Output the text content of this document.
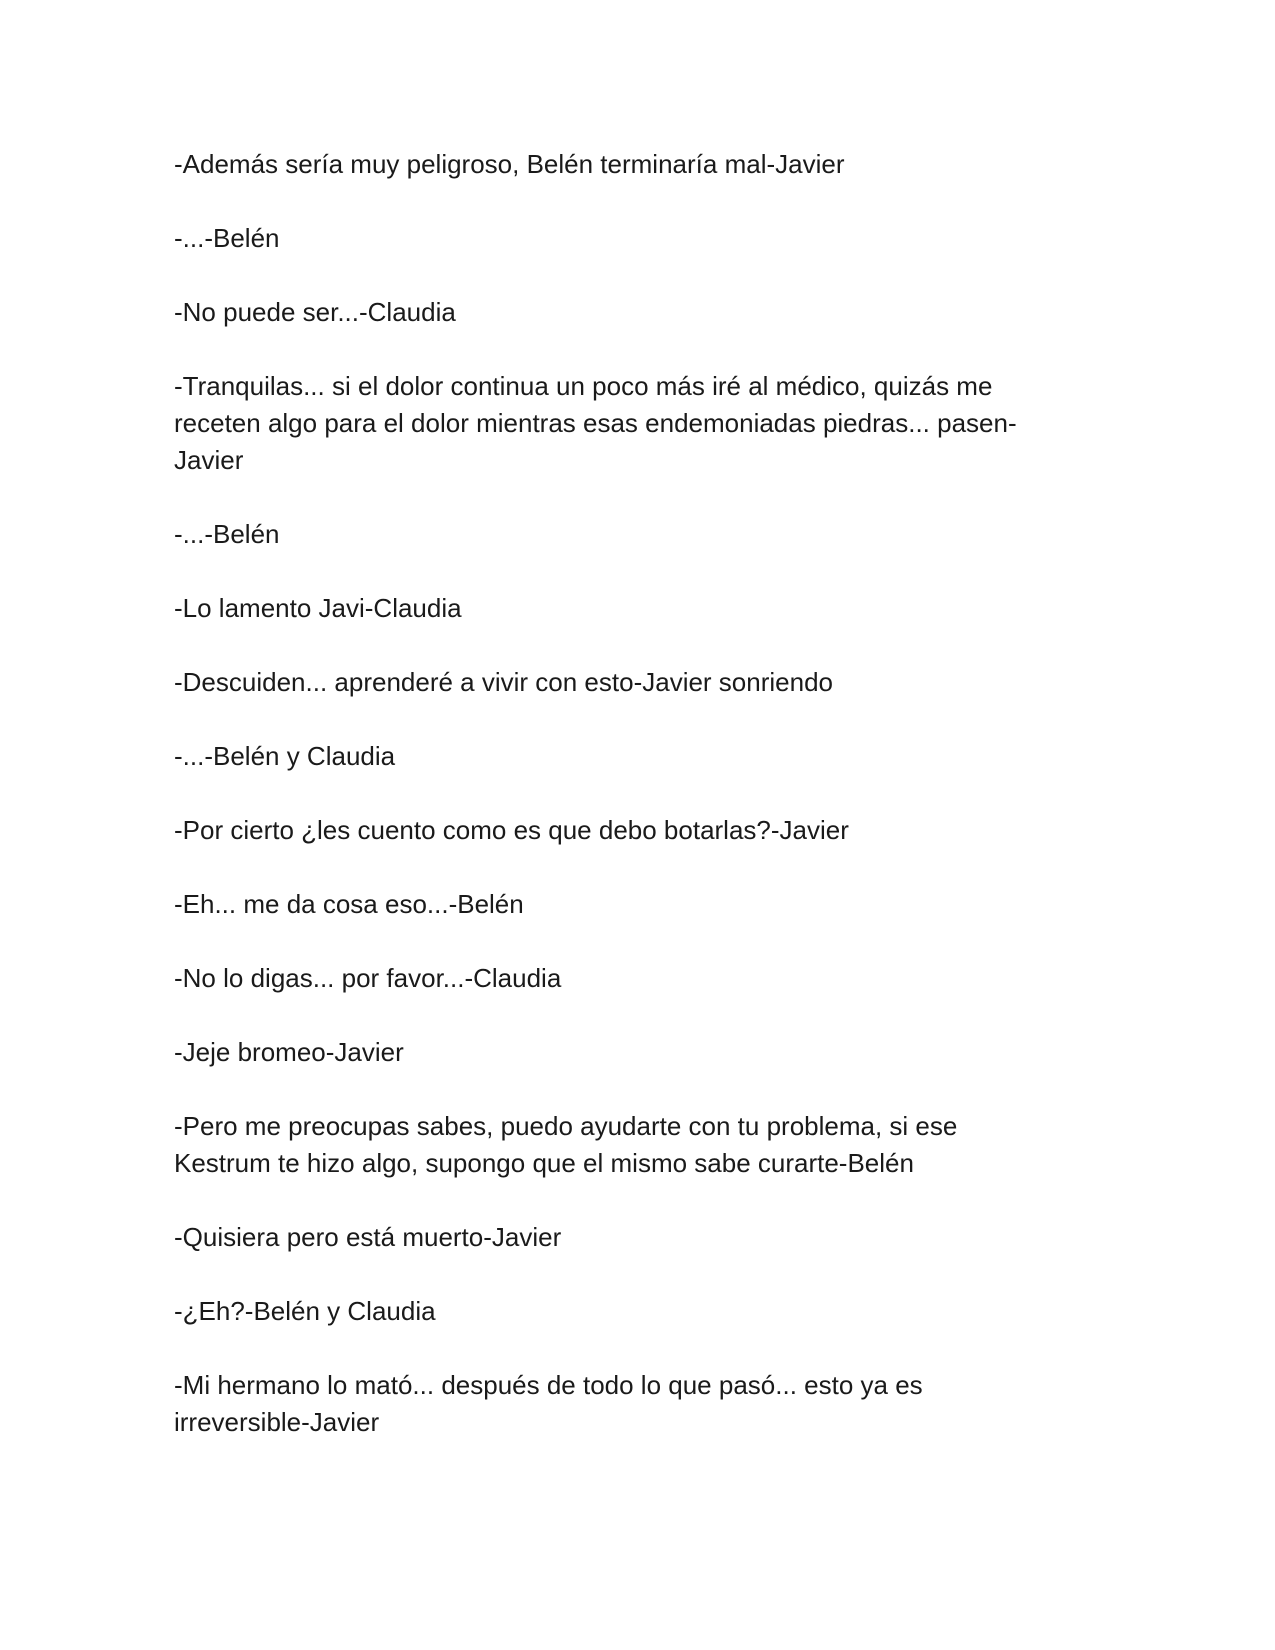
-Además sería muy peligroso, Belén terminaría mal-Javier

-...-Belén

-No puede ser...-Claudia

-Tranquilas... si el dolor continua un poco más iré al médico, quizás me
receten algo para el dolor mientras esas endemoniadas piedras... pasen-
Javier

-...-Belén

-Lo lamento Javi-Claudia

-Descuiden... aprenderé a vivir con esto-Javier sonriendo

-...-Belén y Claudia

-Por cierto ¿les cuento como es que debo botarlas?-Javier

-Eh... me da cosa eso...-Belén

-No lo digas... por favor...-Claudia

-Jeje bromeo-Javier

-Pero me preocupas sabes, puedo ayudarte con tu problema, si ese
Kestrum te hizo algo, supongo que el mismo sabe curarte-Belén

-Quisiera pero está muerto-Javier

-¿Eh?-Belén y Claudia

-Mi hermano lo mató... después de todo lo que pasó... esto ya es
irreversible-Javier
